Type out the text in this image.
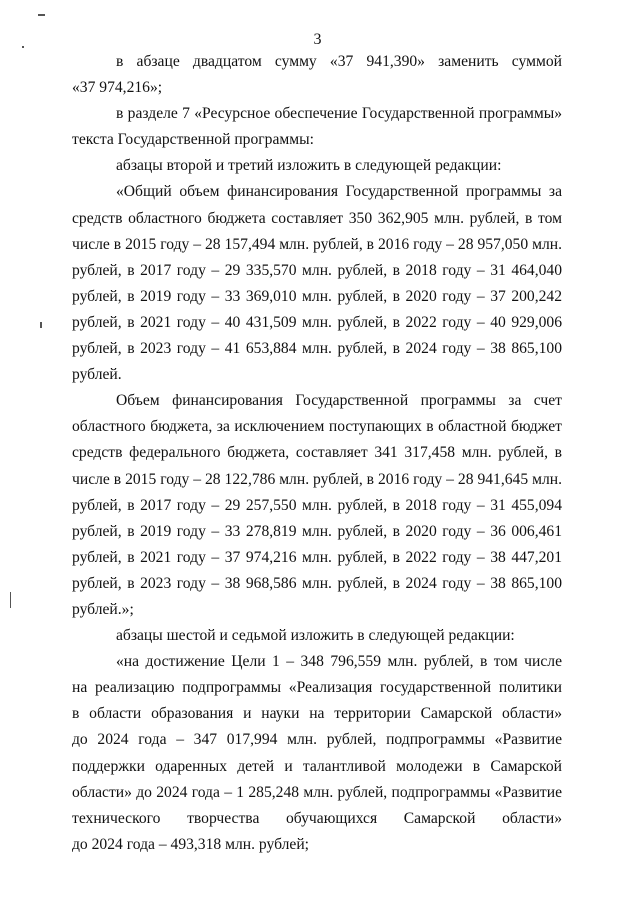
3
в абзаце двадцатом сумму «37 941,390» заменить суммой
«37 974,216»;
в разделе 7 «Ресурсное обеспечение Государственной программы»
текста Государственной программы:
абзацы второй и третий изложить в следующей редакции:
«Общий объем финансирования Государственной программы за
средств областного бюджета составляет 350 362,905 млн. рублей, в том
числе в 2015 году – 28 157,494 млн. рублей, в 2016 году – 28 957,050 млн.
рублей, в 2017 году – 29 335,570 млн. рублей, в 2018 году – 31 464,040
рублей, в 2019 году – 33 369,010 млн. рублей, в 2020 году – 37 200,242
рублей, в 2021 году – 40 431,509 млн. рублей, в 2022 году – 40 929,006
рублей, в 2023 году – 41 653,884 млн. рублей, в 2024 году – 38 865,100
рублей.
Объем финансирования Государственной программы за счет
областного бюджета, за исключением поступающих в областной бюджет
средств федерального бюджета, составляет 341 317,458 млн. рублей, в
числе в 2015 году – 28 122,786 млн. рублей, в 2016 году – 28 941,645 млн.
рублей, в 2017 году – 29 257,550 млн. рублей, в 2018 году – 31 455,094
рублей, в 2019 году – 33 278,819 млн. рублей, в 2020 году – 36 006,461
рублей, в 2021 году – 37 974,216 млн. рублей, в 2022 году – 38 447,201
рублей, в 2023 году – 38 968,586 млн. рублей, в 2024 году – 38 865,100
рублей.»;
абзацы шестой и седьмой изложить в следующей редакции:
«на достижение Цели 1 – 348 796,559 млн. рублей, в том числе
на реализацию подпрограммы «Реализация государственной политики
в области образования и науки на территории Самарской области»
до 2024 года – 347 017,994 млн. рублей, подпрограммы «Развитие
поддержки одаренных детей и талантливой молодежи в Самарской
области» до 2024 года – 1 285,248 млн. рублей, подпрограммы «Развитие
технического творчества обучающихся Самарской области»
до 2024 года – 493,318 млн. рублей;
